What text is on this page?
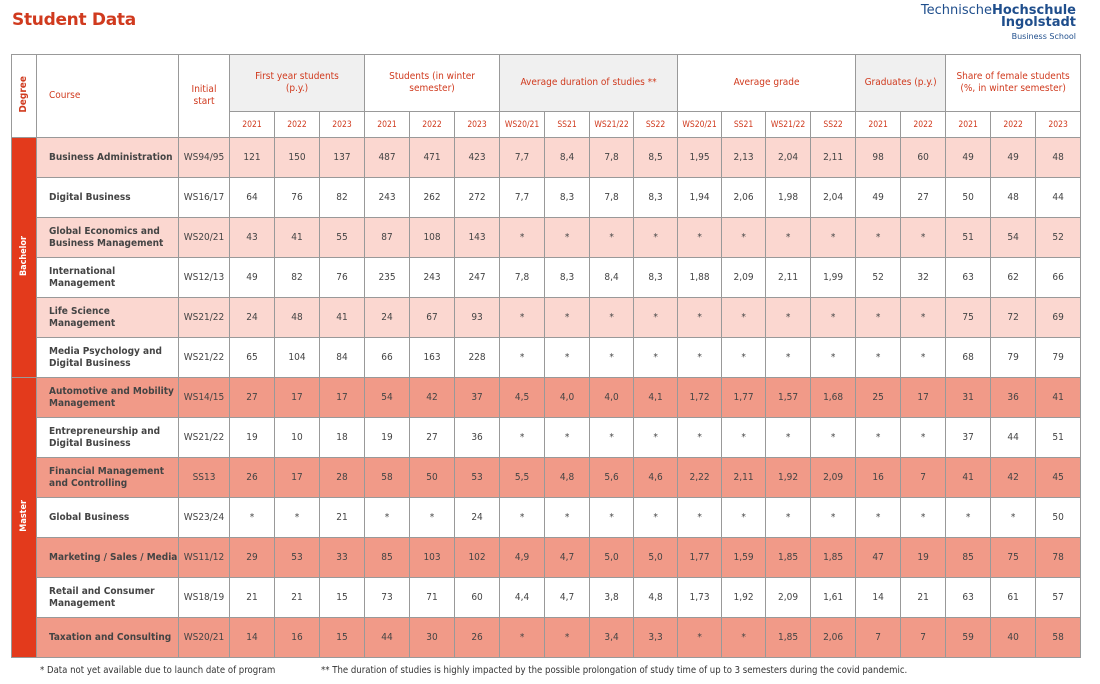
Student Data	TechnischeHochschule
Ingolstadt
Business School
Degree	Course	Initial start	First year students (p.y.)			Students (in winter semester)			Average duration of studies **				Average grade				Graduates (p.y.)		Share of female students (%, in winter semester)		

			2021	2022	2023	2021	2022	2023	WS20/21	SS21	WS21/22	SS22	WS20/21	SS21	WS21/22	SS22	2021	2022	2021	2022	2023
Bachelor	Business Administration	WS94/95	121	150	137	487	471	423	7,7	8,4	7,8	8,5	1,95	2,13	2,04	2,11	98	60	49	49	48
	Digital Business	WS16/17	64	76	82	243	262	272	7,7	8,3	7,8	8,3	1,94	2,06	1,98	2,04	49	27	50	48	44
	Global Economics and Business Management	WS20/21	43	41	55	87	108	143	*	*	*	*	*	*	*	*	*	*	51	54	52
	International Management	WS12/13	49	82	76	235	243	247	7,8	8,3	8,4	8,3	1,88	2,09	2,11	1,99	52	32	63	62	66
	Life Science Management	WS21/22	24	48	41	24	67	93	*	*	*	*	*	*	*	*	*	*	75	72	69
	Media Psychology and Digital Business	WS21/22	65	104	84	66	163	228	*	*	*	*	*	*	*	*	*	*	68	79	79
Master	Automotive and Mobility Management	WS14/15	27	17	17	54	42	37	4,5	4,0	4,0	4,1	1,72	1,77	1,57	1,68	25	17	31	36	41
	Entrepreneurship and Digital Business	WS21/22	19	10	18	19	27	36	*	*	*	*	*	*	*	*	*	*	37	44	51
	Financial Management and Controlling	SS13	26	17	28	58	50	53	5,5	4,8	5,6	4,6	2,22	2,11	1,92	2,09	16	7	41	42	45
	Global Business	WS23/24	*	*	21	*	*	24	*	*	*	*	*	*	*	*	*	*	*	*	50
	Marketing / Sales / Media	WS11/12	29	53	33	85	103	102	4,9	4,7	5,0	5,0	1,77	1,59	1,85	1,85	47	19	85	75	78
	Retail and Consumer Management	WS18/19	21	21	15	73	71	60	4,4	4,7	3,8	4,8	1,73	1,92	2,09	1,61	14	21	63	61	57
	Taxation and Consulting	WS20/21	14	16	15	44	30	26	*	*	3,4	3,3	*	*	1,85	2,06	7	7	59	40	58
* Data not yet available due to launch date of program	** The duration of studies is highly impacted by the possible prolongation of study time of up to 3 semesters during the covid pandemic.
